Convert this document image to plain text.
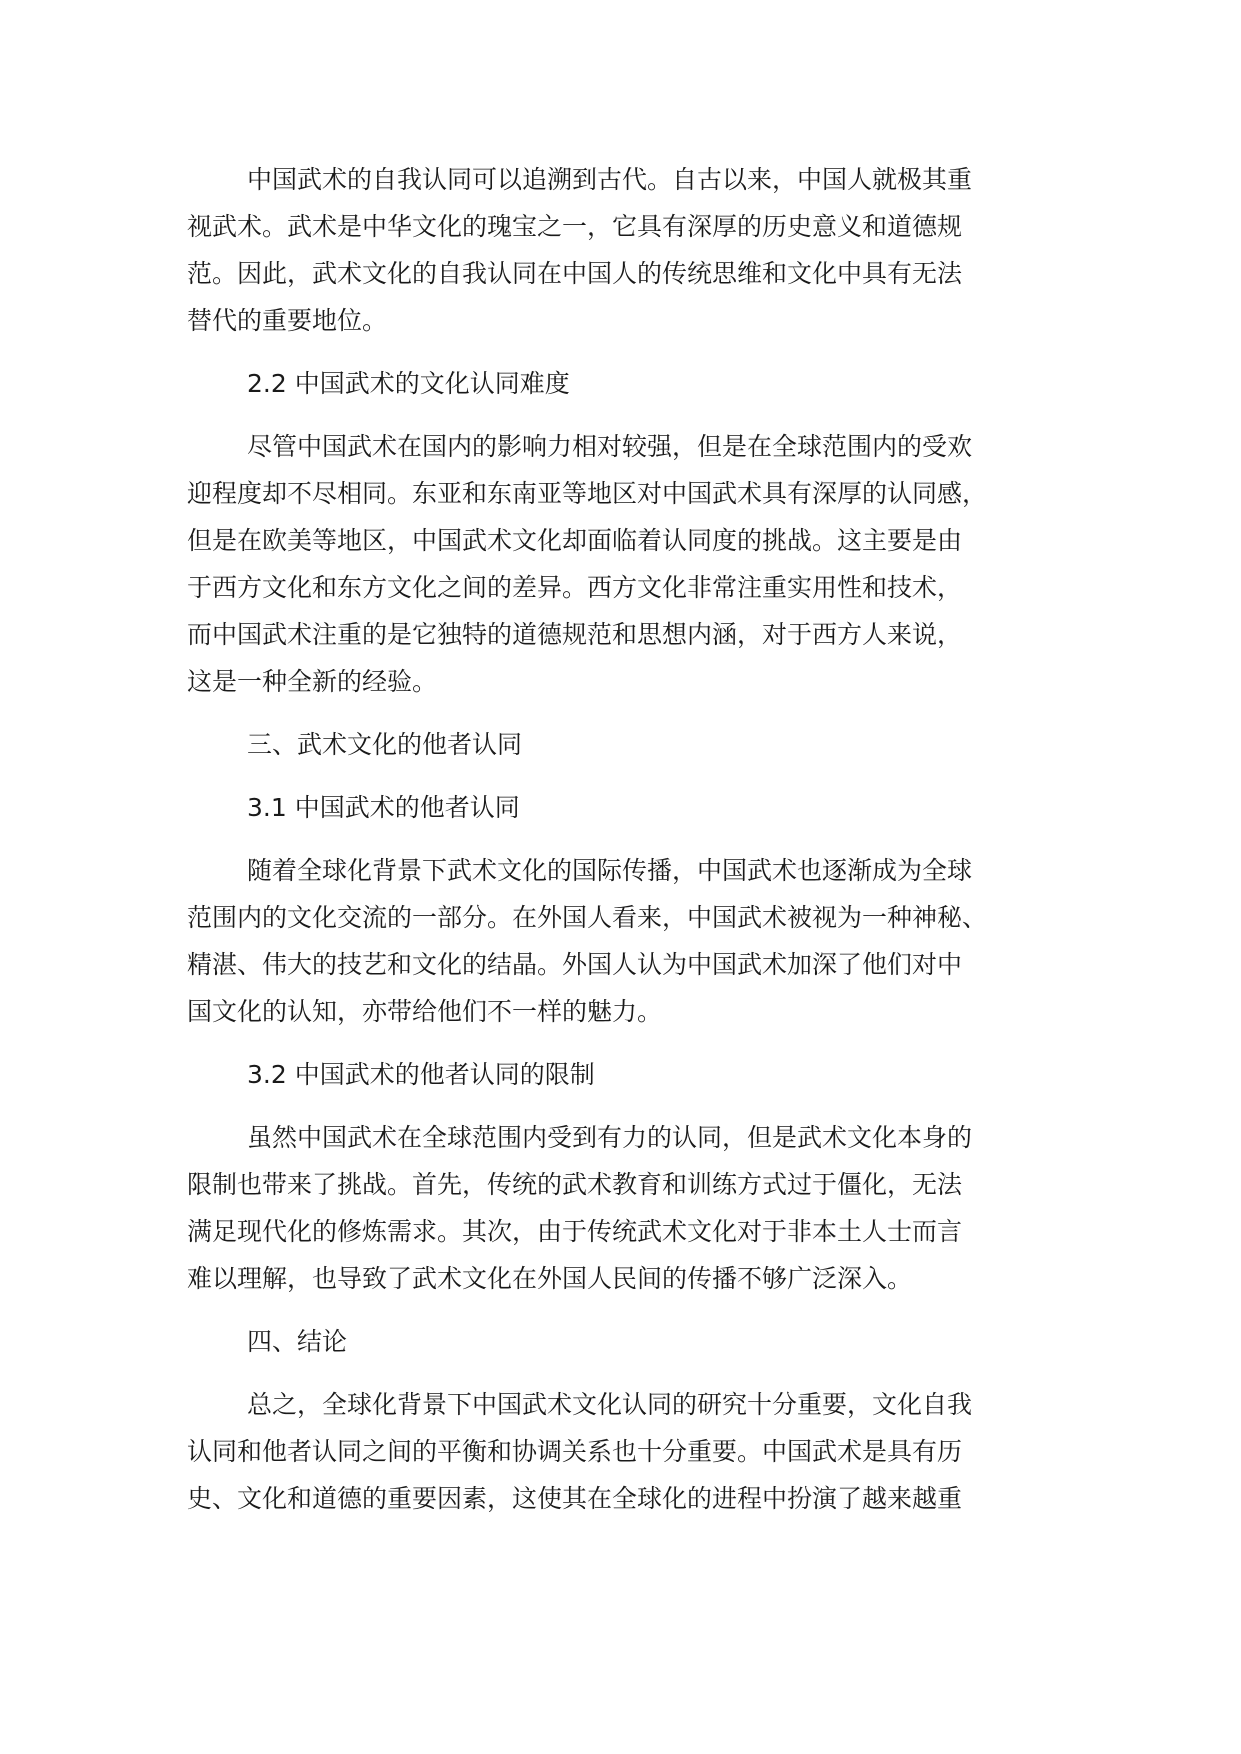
中国武术的自我认同可以追溯到古代。自古以来，中国人就极其重
视武术。武术是中华文化的瑰宝之一，它具有深厚的历史意义和道德规
范。因此，武术文化的自我认同在中国人的传统思维和文化中具有无法
替代的重要地位。
2.2 中国武术的文化认同难度
尽管中国武术在国内的影响力相对较强，但是在全球范围内的受欢
迎程度却不尽相同。东亚和东南亚等地区对中国武术具有深厚的认同感，
但是在欧美等地区，中国武术文化却面临着认同度的挑战。这主要是由
于西方文化和东方文化之间的差异。西方文化非常注重实用性和技术，
而中国武术注重的是它独特的道德规范和思想内涵，对于西方人来说，
这是一种全新的经验。
三、武术文化的他者认同
3.1 中国武术的他者认同
随着全球化背景下武术文化的国际传播，中国武术也逐渐成为全球
范围内的文化交流的一部分。在外国人看来，中国武术被视为一种神秘、
精湛、伟大的技艺和文化的结晶。外国人认为中国武术加深了他们对中
国文化的认知，亦带给他们不一样的魅力。
3.2 中国武术的他者认同的限制
虽然中国武术在全球范围内受到有力的认同，但是武术文化本身的
限制也带来了挑战。首先，传统的武术教育和训练方式过于僵化，无法
满足现代化的修炼需求。其次，由于传统武术文化对于非本土人士而言
难以理解，也导致了武术文化在外国人民间的传播不够广泛深入。
四、结论
总之，全球化背景下中国武术文化认同的研究十分重要，文化自我
认同和他者认同之间的平衡和协调关系也十分重要。中国武术是具有历
史、文化和道德的重要因素，这使其在全球化的进程中扮演了越来越重
